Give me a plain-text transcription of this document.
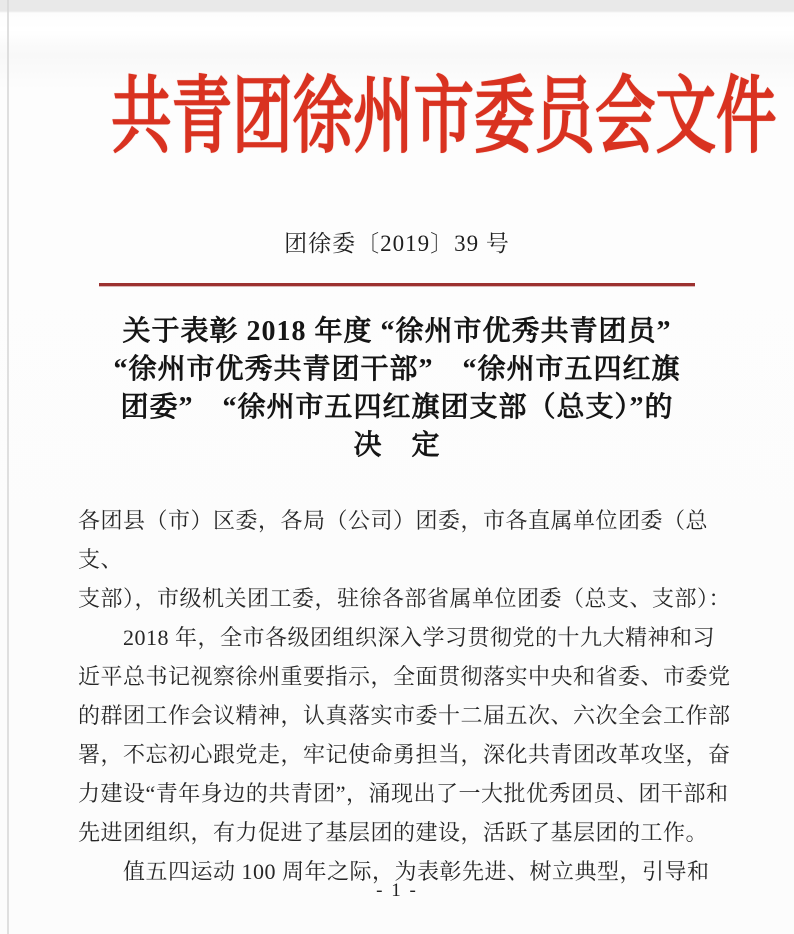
共青团徐州市委员会文件
团徐委〔2019〕39 号
关于表彰 2018 年度 “徐州市优秀共青团员”
“徐州市优秀共青团干部”　“徐州市五四红旗
团委”　“徐州市五四红旗团支部（总支）”的
决　定
各团县（市）区委，各局（公司）团委，市各直属单位团委（总支、
支部），市级机关团工委，驻徐各部省属单位团委（总支、支部）：
　　2018 年，全市各级团组织深入学习贯彻党的十九大精神和习
近平总书记视察徐州重要指示，全面贯彻落实中央和省委、市委党
的群团工作会议精神，认真落实市委十二届五次、六次全会工作部
署，不忘初心跟党走，牢记使命勇担当，深化共青团改革攻坚，奋
力建设“青年身边的共青团”，涌现出了一大批优秀团员、团干部和
先进团组织，有力促进了基层团的建设，活跃了基层团的工作。
　　值五四运动 100 周年之际，为表彰先进、树立典型，引导和
- 1 -
